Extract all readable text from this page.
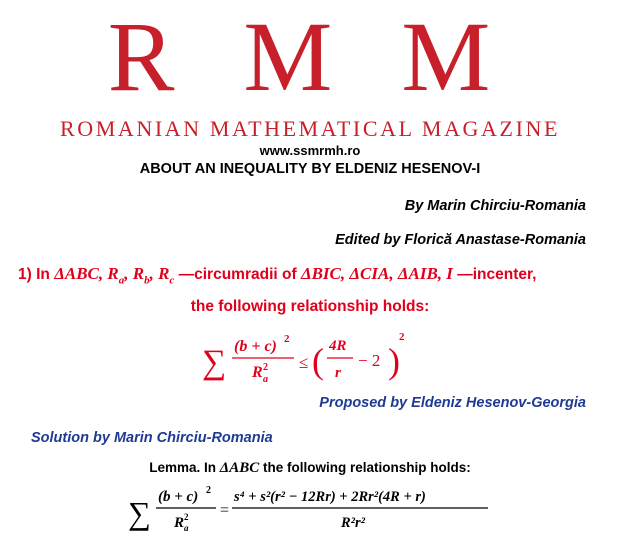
R M M
ROMANIAN MATHEMATICAL MAGAZINE
www.ssmrmh.ro
ABOUT AN INEQUALITY BY ELDENIZ HESENOV-I
By Marin Chirciu-Romania
Edited by Florică Anastase-Romania
1) In ΔABC, $R_a$, $R_b$, $R_c$ —circumradii of ΔBIC, ΔCIA, ΔAIB, I —incenter,
the following relationship holds:
∑ (b + c) 2
R 2
a
≤ ( 4R
r
− 2 )
2
Proposed by Eldeniz Hesenov-Georgia
Solution by Marin Chirciu-Romania
Lemma. In ΔABC the following relationship holds:
∑ (b + c) 2
R 2
a
=
s⁴ + s²(r² − 12Rr) + 2Rr²(4R + r)
R²r²
